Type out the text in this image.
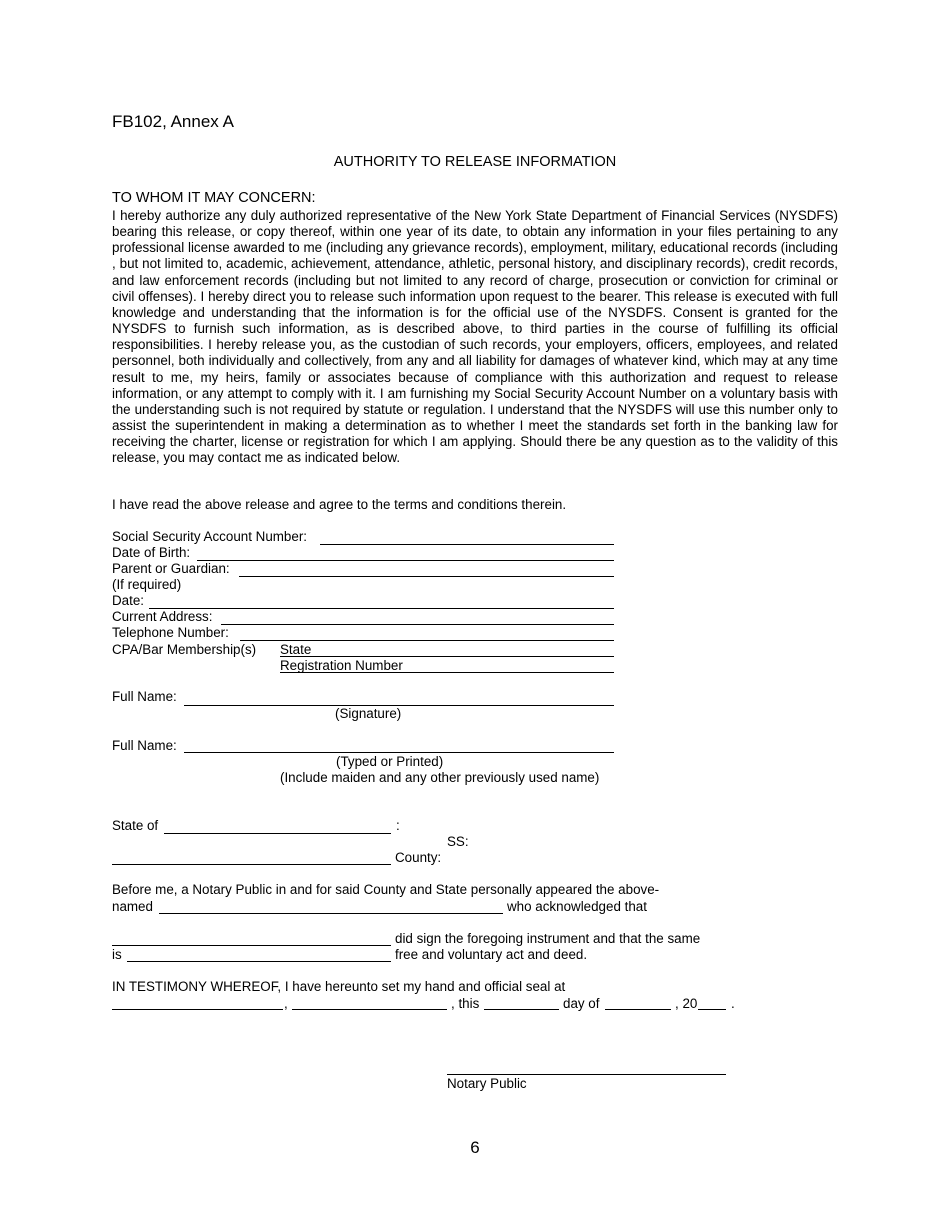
FB102, Annex A
AUTHORITY TO RELEASE INFORMATION
TO WHOM IT MAY CONCERN:
I hereby authorize any duly authorized representative of the New York State Department of Financial Services (NYSDFS) bearing this release, or copy thereof, within one year of its date, to obtain any information in your files pertaining to any professional license awarded to me (including any grievance records), employment, military, educational records (including , but not limited to, academic, achievement, attendance, athletic, personal history, and disciplinary records), credit records, and law enforcement records (including but not limited to any record of charge, prosecution or conviction for criminal or civil offenses). I hereby direct you to release such information upon request to the bearer. This release is executed with full knowledge and understanding that the information is for the official use of the NYSDFS. Consent is granted for the NYSDFS to furnish such information, as is described above, to third parties in the course of fulfilling its official responsibilities. I hereby release you, as the custodian of such records, your employers, officers, employees, and related personnel, both individually and collectively, from any and all liability for damages of whatever kind, which may at any time result to me, my heirs, family or associates because of compliance with this authorization and request to release information, or any attempt to comply with it. I am furnishing my Social Security Account Number on a voluntary basis with the understanding such is not required by statute or regulation. I understand that the NYSDFS will use this number only to assist the superintendent in making a determination as to whether I meet the standards set forth in the banking law for receiving the charter, license or registration for which I am applying. Should there be any question as to the validity of this release, you may contact me as indicated below.
I have read the above release and agree to the terms and conditions therein.
Social Security Account Number:
Date of Birth:
Parent or Guardian:
(If required)
Date:
Current Address:
Telephone Number:
CPA/Bar Membership(s) State
Registration Number
Full Name:
(Signature)
Full Name:
(Typed or Printed)
(Include maiden and any other previously used name)
State of	:
SS:
County:
Before me, a Notary Public in and for said County and State personally appeared the above-
named	who acknowledged that
did sign the foregoing instrument and that the same
is	free and voluntary act and deed.
IN TESTIMONY WHEREOF, I have hereunto set my hand and official seal at
,	, this	day of	, 20	.
Notary Public
6
